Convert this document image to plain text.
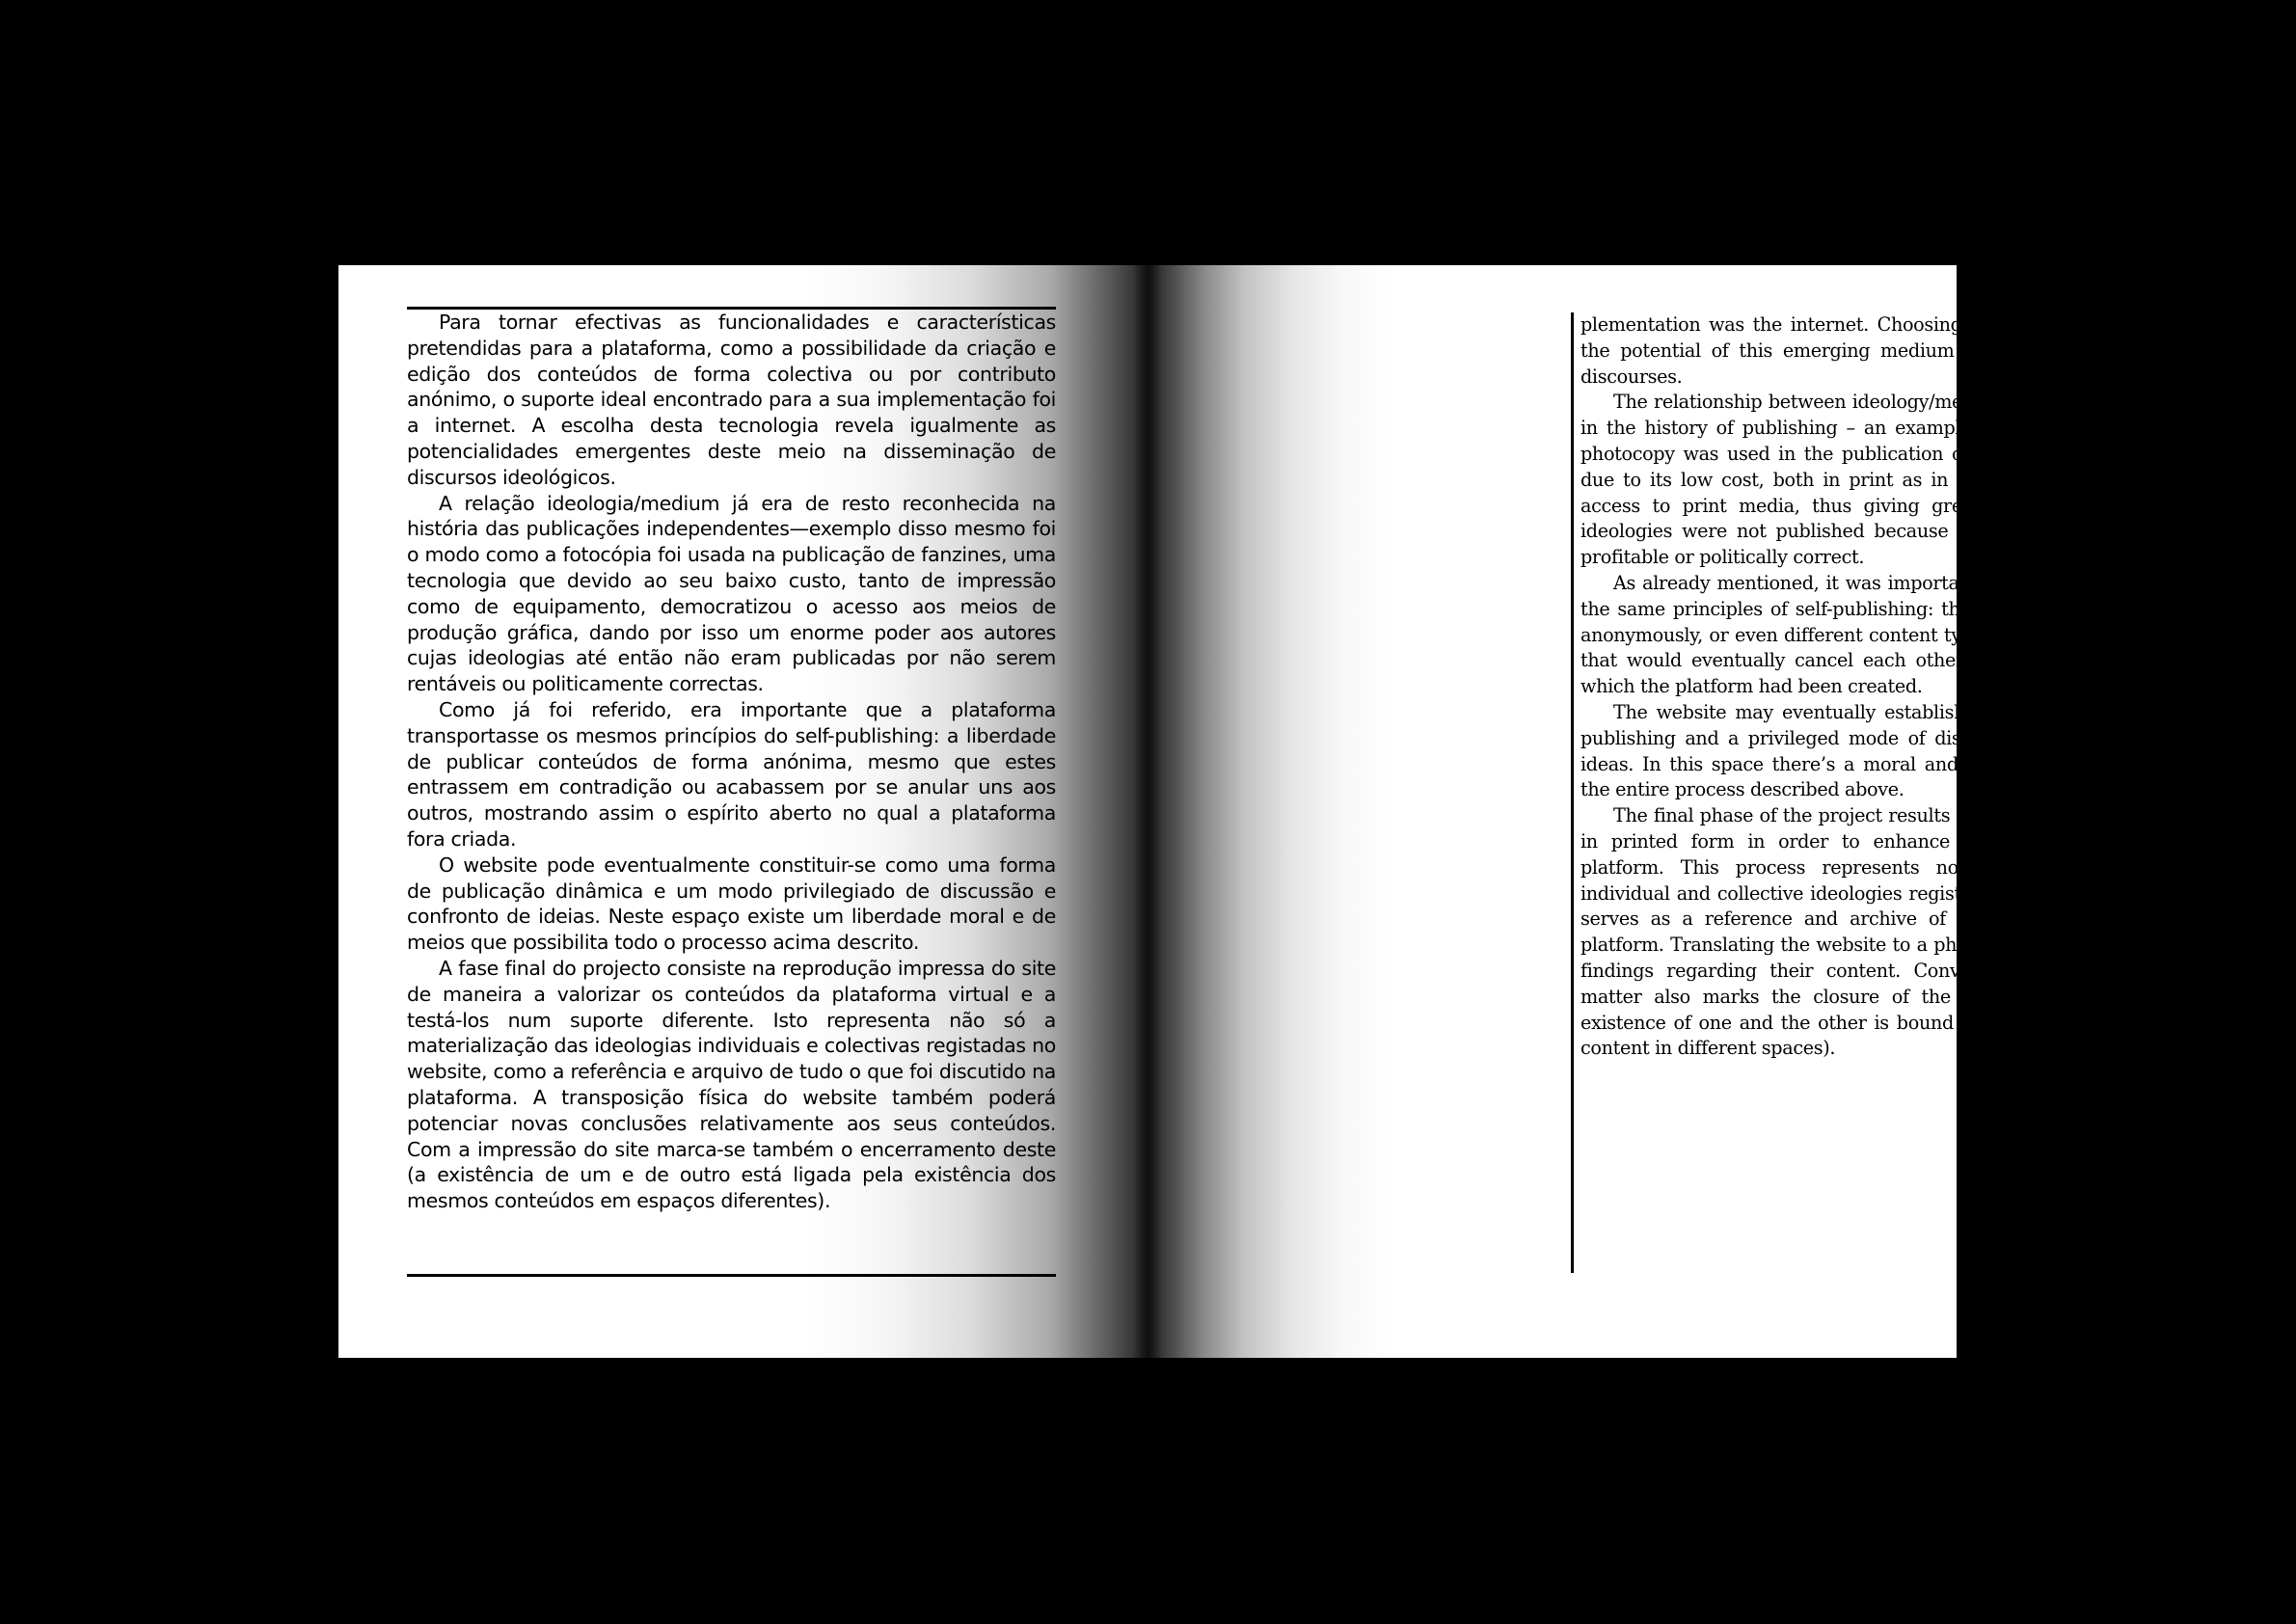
Para tornar efectivas as funcionalidades e características pretendidas para a plataforma, como a possibilidade da criação e edição dos conteúdos de forma colectiva ou por contributo anónimo, o suporte ideal encontrado para a sua implementação foi a internet. A escolha desta tecnologia revela igualmente as potencialidades emergentes deste meio na disseminação de discursos ideológicos.

A relação ideologia/medium já era de resto reconhecida na história das publicações independentes—exemplo disso mesmo foi o modo como a fotocópia foi usada na publicação de fanzines, uma tecnologia que devido ao seu baixo custo, tanto de impressão como de equipamento, democratizou o acesso aos meios de produção gráfica, dando por isso um enorme poder aos autores cujas ideologias até então não eram publicadas por não serem rentáveis ou politicamente correctas.

Como já foi referido, era importante que a plataforma transportasse os mesmos princípios do self-publishing: a liberdade de publicar conteúdos de forma anónima, mesmo que estes entrassem em contradição ou acabassem por se anular uns aos outros, mostrando assim o espírito aberto no qual a plataforma fora criada.

O website pode eventualmente constituir-se como uma forma de publicação dinâmica e um modo privilegiado de discussão e confronto de ideias. Neste espaço existe um liberdade moral e de meios que possibilita todo o processo acima descrito.

A fase final do projecto consiste na reprodução impressa do site de maneira a valorizar os conteúdos da plataforma virtual e a testá-los num suporte diferente. Isto representa não só a materialização das ideologias individuais e colectivas registadas no website, como a referência e arquivo de tudo o que foi discutido na plataforma. A transposição física do website também poderá potenciar novas conclusões relativamente aos seus conteúdos. Com a impressão do site marca-se também o encerramento deste (a existência de um e de outro está ligada pela existência dos mesmos conteúdos em espaços diferentes).

plementation was the internet. Choosing this technology also reveals the potential of this emerging medium in the spread of ideological discourses.

The relationship between ideology/medium was already recognized in the history of publishing – an example of that was how the xerox photocopy was used in the publication of fanzines, a technology that due to its low cost, both in print as in equipment, democratized the access to print media, thus giving great power to authors whose ideologies were not published because they were not recognized as profitable or politically correct.

As already mentioned, it was important for this platform to convey the same principles of self-publishing: the freedom to publish content anonymously, or even different content types that enter into conflict or that would eventually cancel each other, showing the open spirit in which the platform had been created.

The website may eventually establish itself as a dynamic form of publishing and a privileged mode of discussion and confrontation of ideas. In this space there’s a moral and media freedom that enables the entire process described above.

The final phase of the project results in the reproduction of the site in printed form in order to enhance the contents of the virtual platform. This process represents not only the embodiment of individual and collective ideologies registered on the website, but also serves as a reference and archive of everything discussed on the platform. Translating the website to a physical format could boost new findings regarding their content. Converting the site into printed matter also marks the closure of the web-site lifespan (since the existence of one and the other is bound by the existence of the same content in different spaces).
